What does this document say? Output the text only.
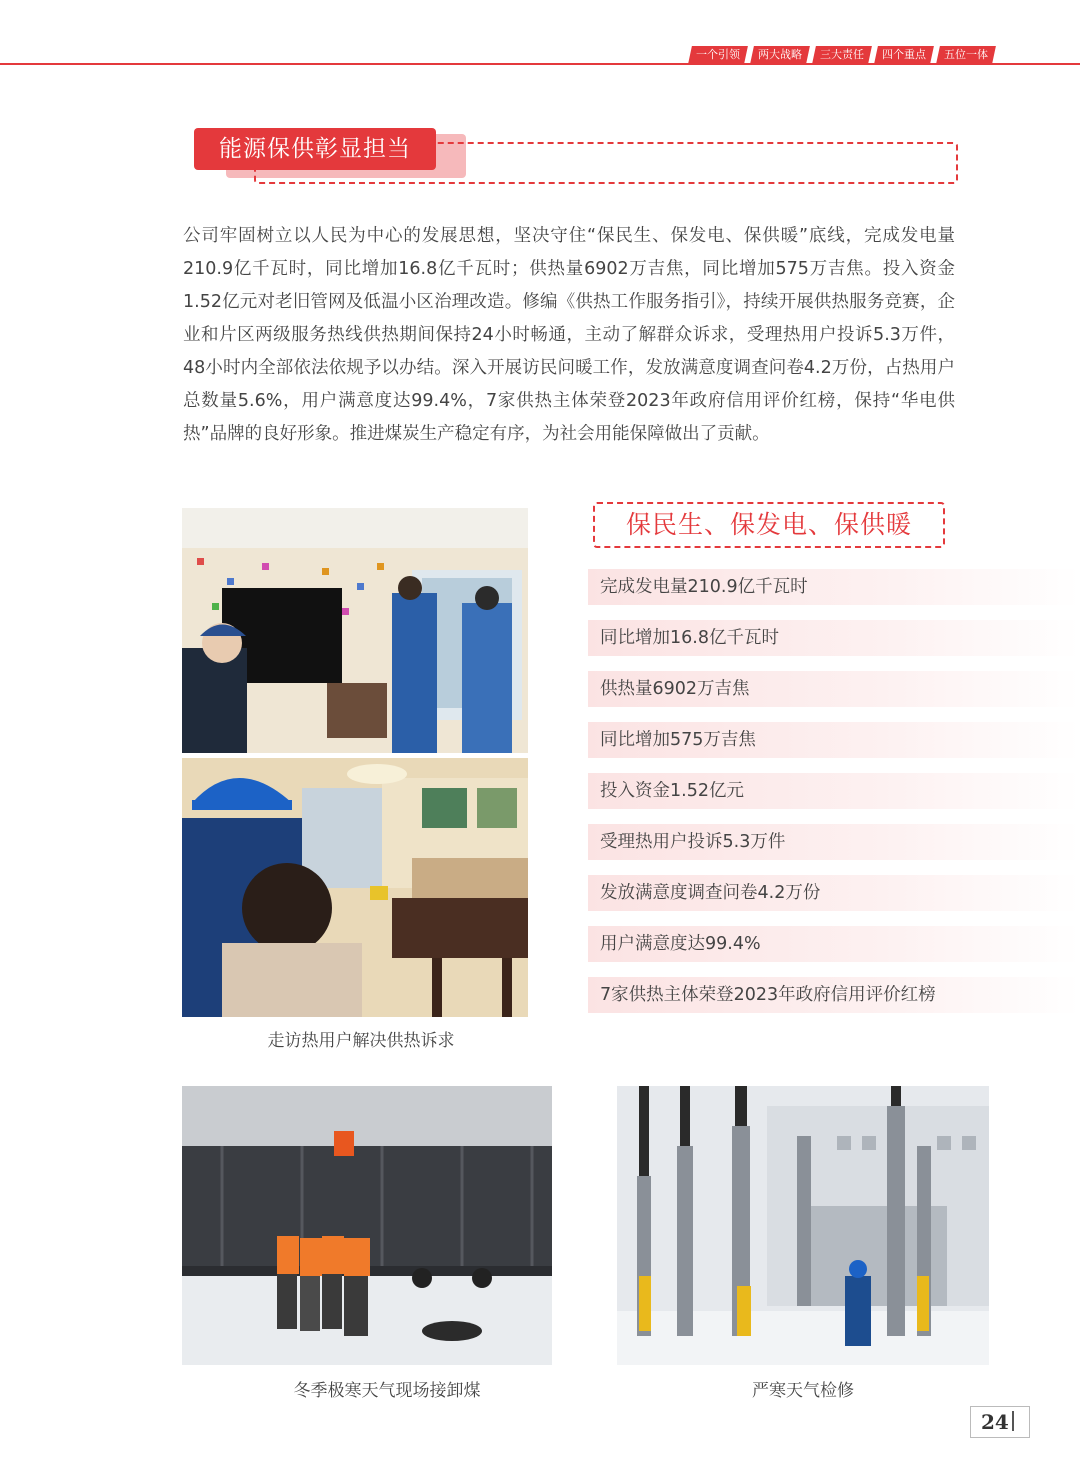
一个引领	两大战略	三大责任	四个重点	五位一体
能源保供彰显担当

公司牢固树立以人民为中心的发展思想，坚决守住“保民生、保发电、保供暖”底线，完成发电量210.9亿千瓦时，同比增加16.8亿千瓦时；供热量6902万吉焦，同比增加575万吉焦。投入资金1.52亿元对老旧管网及低温小区治理改造。修编《供热工作服务指引》，持续开展供热服务竞赛，企业和片区两级服务热线供热期间保持24小时畅通，主动了解群众诉求，受理热用户投诉5.3万件，48小时内全部依法依规予以办结。深入开展访民问暖工作，发放满意度调查问卷4.2万份，占热用户总数量5.6%，用户满意度达99.4%，7家供热主体荣登2023年政府信用评价红榜，保持“华电供热”品牌的良好形象。推进煤炭生产稳定有序，为社会用能保障做出了贡献。

走访热用户解决供热诉求
保民生、保发电、保供暖
完成发电量210.9亿千瓦时
同比增加16.8亿千瓦时
供热量6902万吉焦
同比增加575万吉焦
投入资金1.52亿元
受理热用户投诉5.3万件
发放满意度调查问卷4.2万份
用户满意度达99.4%
7家供热主体荣登2023年政府信用评价红榜
冬季极寒天气现场接卸煤	严寒天气检修
24
